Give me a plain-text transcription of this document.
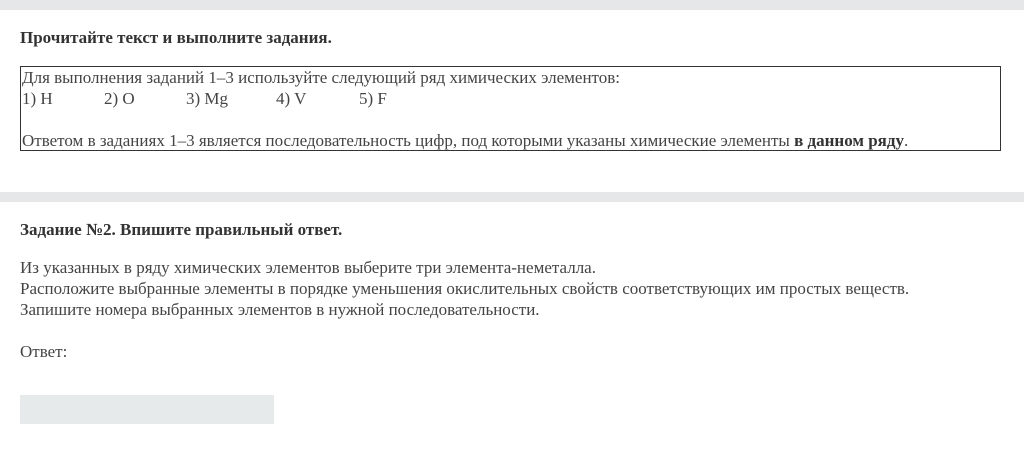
Прочитайте текст и выполните задания.
Для выполнения заданий 1–3 используйте следующий ряд химических элементов:
1) H	2) O	3) Mg	4) V	5) F
Ответом в заданиях 1–3 является последовательность цифр, под которыми указаны химические элементы в данном ряду.
Задание №2. Впишите правильный ответ.
Из указанных в ряду химических элементов выберите три элемента-неметалла.
Расположите выбранные элементы в порядке уменьшения окислительных свойств соответствующих им простых веществ.
Запишите номера выбранных элементов в нужной последовательности.
Ответ:
